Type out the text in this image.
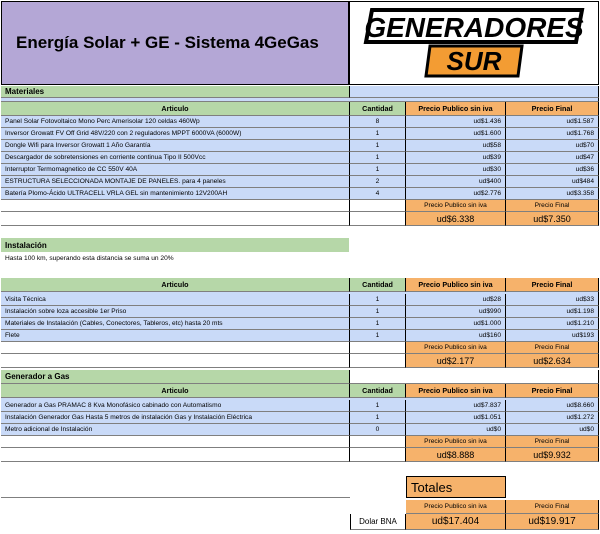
Energía Solar + GE - Sistema 4GeGas GENERADORES
SUR
Materiales
Articulo	Cantidad	Precio Publico sin iva	Precio Final
Panel Solar Fotovoltaico Mono Perc Amerisolar 120 celdas 460Wp	8	ud$1.436	ud$1.587
Inversor Growatt FV Off Grid 48V/220 con 2 reguladores MPPT 6000VA (6000W)	1	ud$1.600	ud$1.768
Dongle Wifi para Inversor Growatt 1 Año Garantía	1	ud$58	ud$70
Descargador de sobretensiones en corriente continua Tipo II 500Vcc	1	ud$39	ud$47
Interruptor Termomagnetico de CC 550V 40A	1	ud$30	ud$36
ESTRUCTURA SELECCIONADA MONTAJE DE PANELES. para 4 paneles	2	ud$400	ud$484
Batería Plomo-Ácido ULTRACELL VRLA GEL sin mantenimiento 12V200AH	4	ud$2.776	ud$3.358
Precio Publico sin iva	Precio Final
ud$6.338	ud$7.350
Instalación
Hasta 100 km, superando esta distancia se suma un 20%
Articulo	Cantidad	Precio Publico sin iva	Precio Final
Visita Técnica	1	ud$28	ud$33
Instalación sobre loza accesible 1er Priso	1	ud$990	ud$1.198
Materiales de Instalación (Cables, Conectores, Tableros, etc) hasta 20 mts	1	ud$1.000	ud$1.210
Flete	1	ud$160	ud$193
Precio Publico sin iva	Precio Final
ud$2.177	ud$2.634
Generador a Gas
Articulo	Cantidad	Precio Publico sin iva	Precio Final
Generador a Gas PRAMAC 8 Kva Monofásico cabinado con Automatismo	1	ud$7.837	ud$8.660
Instalación Generador Gas Hasta 5 metros de instalación Gas y Instalación Eléctrica	1	ud$1.051	ud$1.272
Metro adicional de Instalación	0	ud$0	ud$0
Precio Publico sin iva	Precio Final
ud$8.888	ud$9.932
Totales
Precio Publico sin iva	Precio Final
Dolar BNA	ud$17.404	ud$19.917
